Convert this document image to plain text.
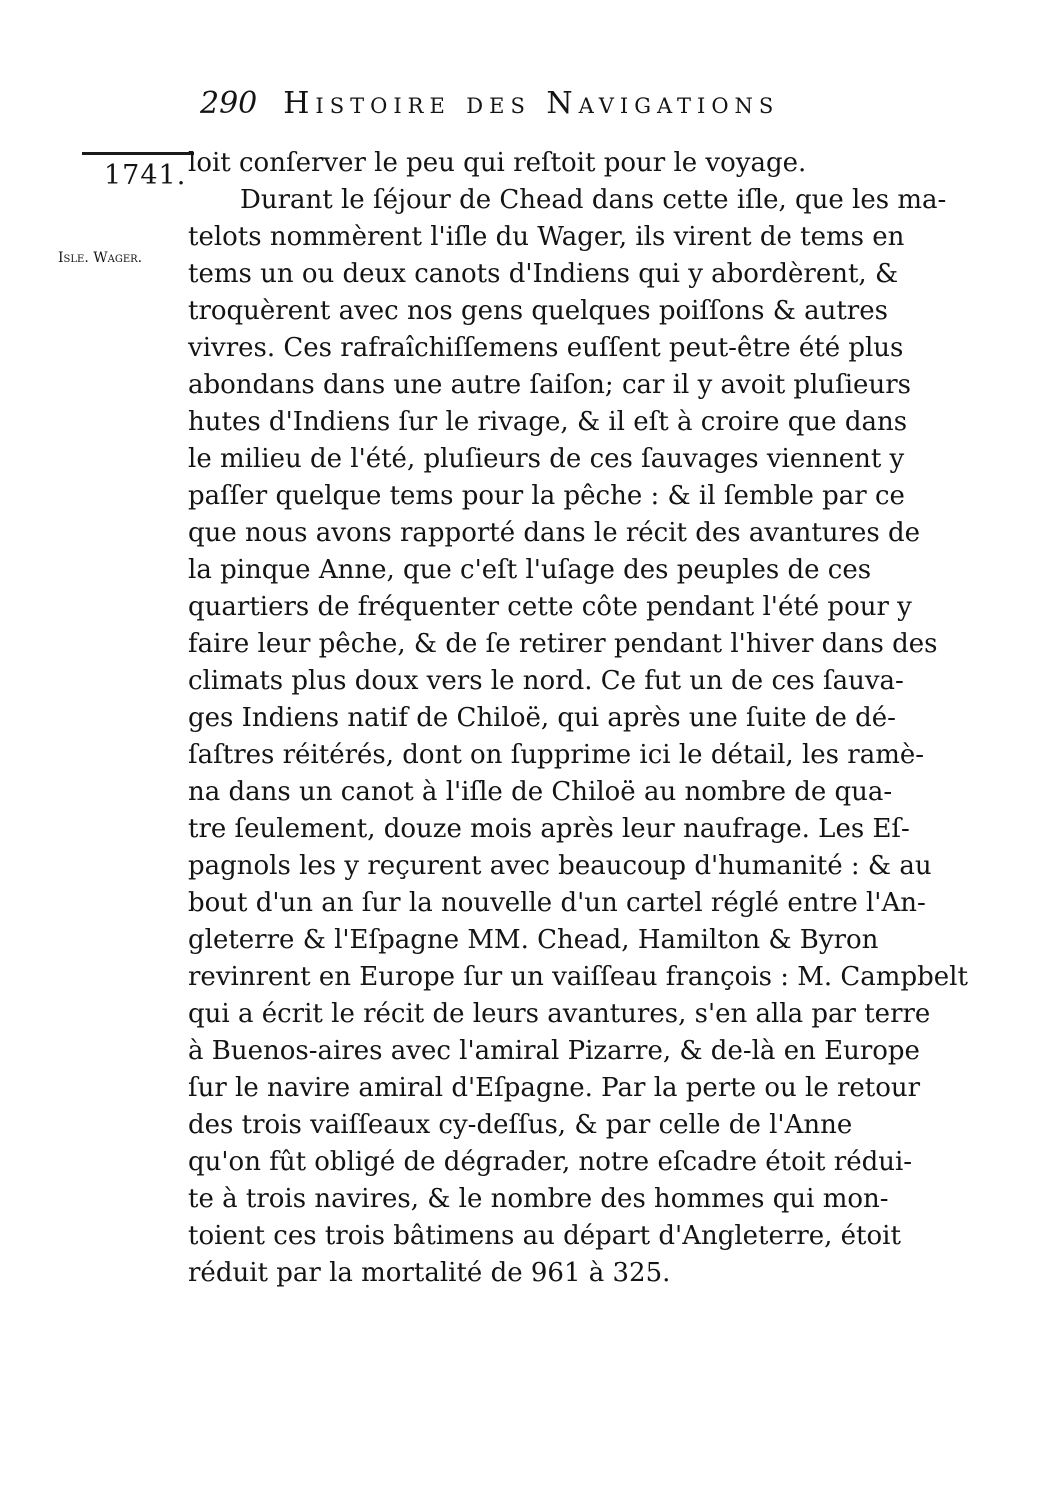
290 Histoire des Navigations
1741.
Isle. Wager.
loit conſerver le peu qui reſtoit pour le voyage.
Durant le ſéjour de Chead dans cette iſle, que les ma-
telots nommèrent l'iſle du Wager, ils virent de tems en
tems un ou deux canots d'Indiens qui y abordèrent, &
troquèrent avec nos gens quelques poiſſons & autres
vivres. Ces rafraîchiſſemens euſſent peut-être été plus
abondans dans une autre ſaiſon; car il y avoit pluſieurs
hutes d'Indiens ſur le rivage, & il eſt à croire que dans
le milieu de l'été, pluſieurs de ces ſauvages viennent y
paſſer quelque tems pour la pêche : & il ſemble par ce
que nous avons rapporté dans le récit des avantures de
la pinque Anne, que c'eſt l'uſage des peuples de ces
quartiers de fréquenter cette côte pendant l'été pour y
faire leur pêche, & de ſe retirer pendant l'hiver dans des
climats plus doux vers le nord. Ce fut un de ces ſauva-
ges Indiens natif de Chiloë, qui après une ſuite de dé-
ſaſtres réitérés, dont on ſupprime ici le détail, les ramè-
na dans un canot à l'iſle de Chiloë au nombre de qua-
tre ſeulement, douze mois après leur naufrage. Les Eſ-
pagnols les y reçurent avec beaucoup d'humanité : & au
bout d'un an ſur la nouvelle d'un cartel réglé entre l'An-
gleterre & l'Eſpagne MM. Chead, Hamilton & Byron
revinrent en Europe ſur un vaiſſeau françois : M. Campbelt
qui a écrit le récit de leurs avantures, s'en alla par terre
à Buenos-aires avec l'amiral Pizarre, & de-là en Europe
ſur le navire amiral d'Eſpagne. Par la perte ou le retour
des trois vaiſſeaux cy-deſſus, & par celle de l'Anne
qu'on fût obligé de dégrader, notre eſcadre étoit rédui-
te à trois navires, & le nombre des hommes qui mon-
toient ces trois bâtimens au départ d'Angleterre, étoit
réduit par la mortalité de 961 à 325.
